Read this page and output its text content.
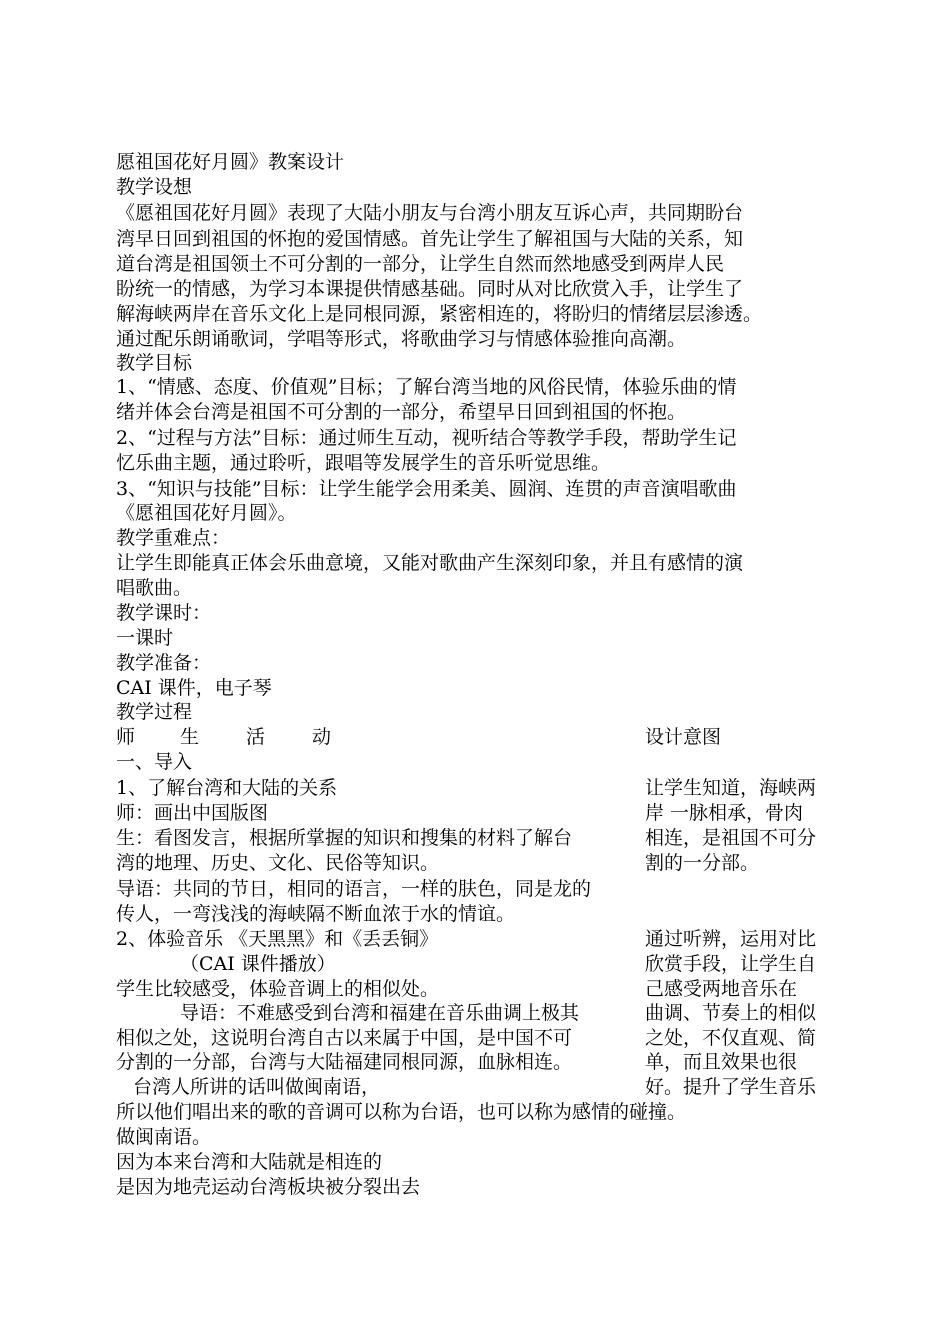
愿祖国花好月圆》教案设计
教学设想
《愿祖国花好月圆》表现了大陆小朋友与台湾小朋友互诉心声，共同期盼台
湾早日回到祖国的怀抱的爱国情感。首先让学生了解祖国与大陆的关系，知
道台湾是祖国领土不可分割的一部分，让学生自然而然地感受到两岸人民
盼统一的情感，为学习本课提供情感基础。同时从对比欣赏入手，让学生了
解海峡两岸在音乐文化上是同根同源，紧密相连的，将盼归的情绪层层渗透。
通过配乐朗诵歌词，学唱等形式，将歌曲学习与情感体验推向高潮。
教学目标
1、“情感、态度、价值观”目标；了解台湾当地的风俗民情，体验乐曲的情
绪并体会台湾是祖国不可分割的一部分，希望早日回到祖国的怀抱。
2、“过程与方法”目标：通过师生互动，视听结合等教学手段，帮助学生记
忆乐曲主题，通过聆听，跟唱等发展学生的音乐听觉思维。
3、“知识与技能”目标：让学生能学会用柔美、圆润、连贯的声音演唱歌曲
《愿祖国花好月圆》。
教学重难点：
让学生即能真正体会乐曲意境，又能对歌曲产生深刻印象，并且有感情的演
唱歌曲。
教学课时：
一课时
教学准备：
CAI 课件，电子琴
教学过程
师 生 活 动	设计意图
一、导入
1、了解台湾和大陆的关系
师：画出中国版图
生：看图发言，根据所掌握的知识和搜集的材料了解台
湾的地理、历史、文化、民俗等知识。
导语：共同的节日，相同的语言，一样的肤色，同是龙的
传人，一弯浅浅的海峡隔不断血浓于水的情谊。
2、体验音乐 《天黑黑》和《丢丢铜》
（CAI 课件播放）
学生比较感受，体验音调上的相似处。
导语：不难感受到台湾和福建在音乐曲调上极其
相似之处，这说明台湾自古以来属于中国，是中国不可
分割的一分部，台湾与大陆福建同根同源，血脉相连。
台湾人所讲的话叫做闽南语，
所以他们唱出来的歌的音调可以称为台语，也可以称为感情的碰撞。
做闽南语。
因为本来台湾和大陆就是相连的
是因为地壳运动台湾板块被分裂出去
让学生知道，海峡两
岸 一脉相承，骨肉
相连，是祖国不可分
割的一分部。
通过听辨，运用对比
欣赏手段，让学生自
己感受两地音乐在
曲调、节奏上的相似
之处，不仅直观、简
单，而且效果也很
好。提升了学生音乐
